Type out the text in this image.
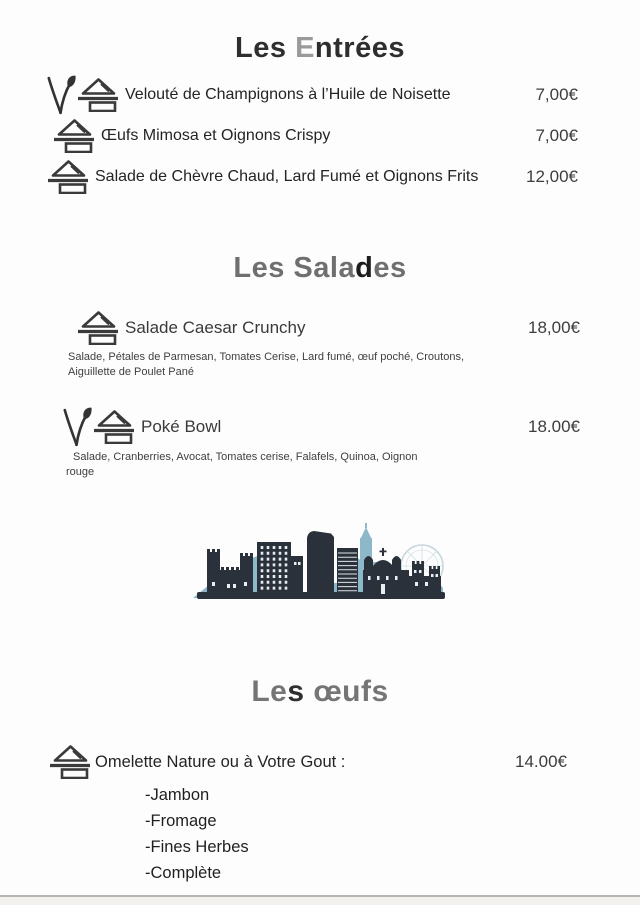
Les Entrées
Velouté de Champignons à l’Huile de Noisette	7,00€
Œufs Mimosa et Oignons Crispy	7,00€
Salade de Chèvre Chaud, Lard Fumé et Oignons Frits	12,00€
Les Salades
Salade Caesar Crunchy	18,00€
Salade, Pétales de Parmesan, Tomates Cerise, Lard fumé, œuf poché, Croutons,
Aiguillette de Poulet Pané
Poké Bowl	18.00€
Salade, Cranberries, Avocat, Tomates cerise, Falafels, Quinoa, Oignon
rouge
Les œufs
Omelette Nature ou à Votre Gout :	14.00€
-Jambon
-Fromage
-Fines Herbes
-Complète
